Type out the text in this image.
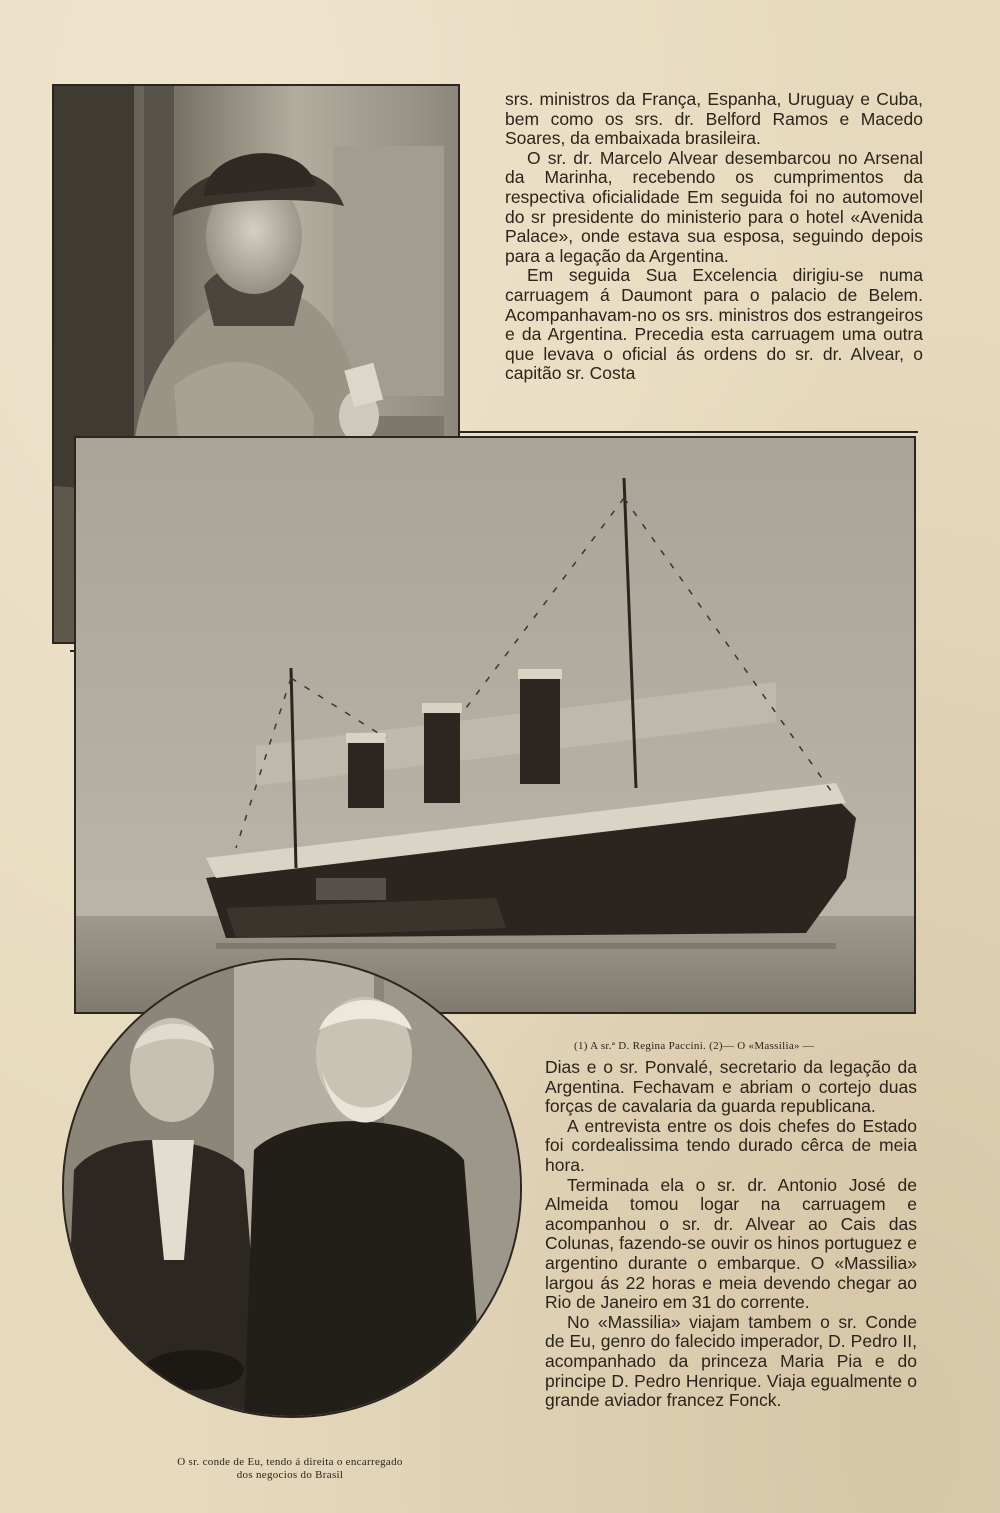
srs. ministros da França, Espanha, Uruguay e Cuba, bem como os srs. dr. Belford Ramos e Macedo Soares, da embaixada brasileira.

O sr. dr. Marcelo Alvear desembarcou no Arsenal da Marinha, recebendo os cumprimentos da respectiva oficialidade Em seguida foi no automovel do sr presidente do ministerio para o hotel «Avenida Palace», onde estava sua esposa, seguindo depois para a legação da Argentina.

Em seguida Sua Excelencia dirigiu-se numa carruagem á Daumont para o palacio de Belem. Acompanhavam-no os srs. ministros dos estrangeiros e da Argentina. Precedia esta carruagem uma outra que levava o oficial ás ordens do sr. dr. Alvear, o capitão sr. Costa

(1) A sr.ª D. Regina Paccini. (2)— O «Massilia» —
O sr. conde de Eu, tendo á direita o encarregado
dos negocios do Brasil

Dias e o sr. Ponvalé, secretario da legação da Argentina. Fechavam e abriam o cortejo duas forças de cavalaria da guarda republicana.

A entrevista entre os dois chefes do Estado foi cordealissima tendo durado cêrca de meia hora.

Terminada ela o sr. dr. Antonio José de Almeida tomou logar na carruagem e acompanhou o sr. dr. Alvear ao Cais das Colunas, fazendo-se ouvir os hinos portuguez e argentino durante o embarque. O «Massilia» largou ás 22 horas e meia devendo chegar ao Rio de Janeiro em 31 do corrente.

No «Massilia» viajam tambem o sr. Conde de Eu, genro do falecido imperador, D. Pedro II, acompanhado da princeza Maria Pia e do principe D. Pedro Henrique. Viaja egualmente o grande aviador francez Fonck.
